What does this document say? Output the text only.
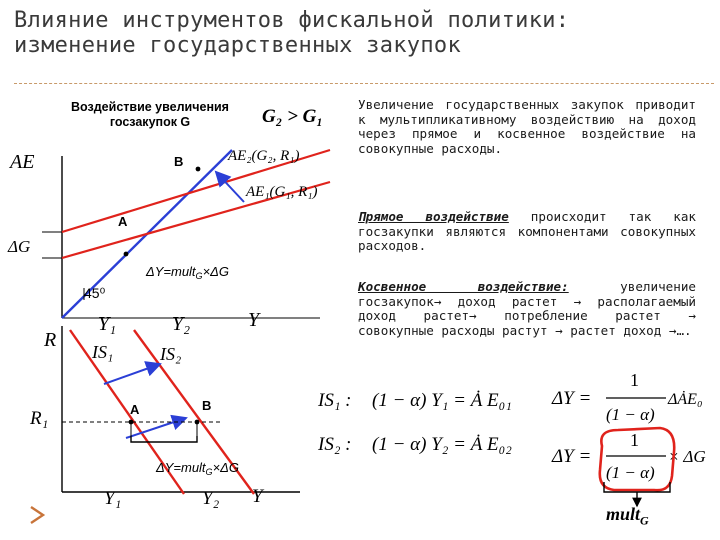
Влияние инструментов фискальной политики:
изменение государственных закупок
Воздействие увеличения госзакупок G	G₂ > G₁
AE	B
A
AE₂(G₂, R₁)
AE₁(G₁, R₁)
ΔG
ΔY=mult$_G$×ΔG
45⁰
Y₁	Y₂	Y
R
R₁
IS₁	IS₂
A	B
ΔY=mult$_G$×ΔG
Y₁	Y₂ Y
IS₁ : (1 − α) Y₁ = Ȧ E₀₁
IS₂ : (1 − α) Y₂ = Ȧ E₀₂
ΔY =
1
(1 − α)
ΔȦE₀
ΔY =
1
(1 − α)
× ΔG
Увеличение государственных закупок приводит к мультипликативному воздействию на доход через прямое и косвенное воздействие на совокупные расходы.
Прямое воздействие происходит так как госзакупки являются компонентами совокупных расходов.
Косвенное воздействие: увеличение госзакупок→ доход растет → располагаемый доход растет→ потребление растет → совокупные расходы растут → растет доход →….
mult$_G$
